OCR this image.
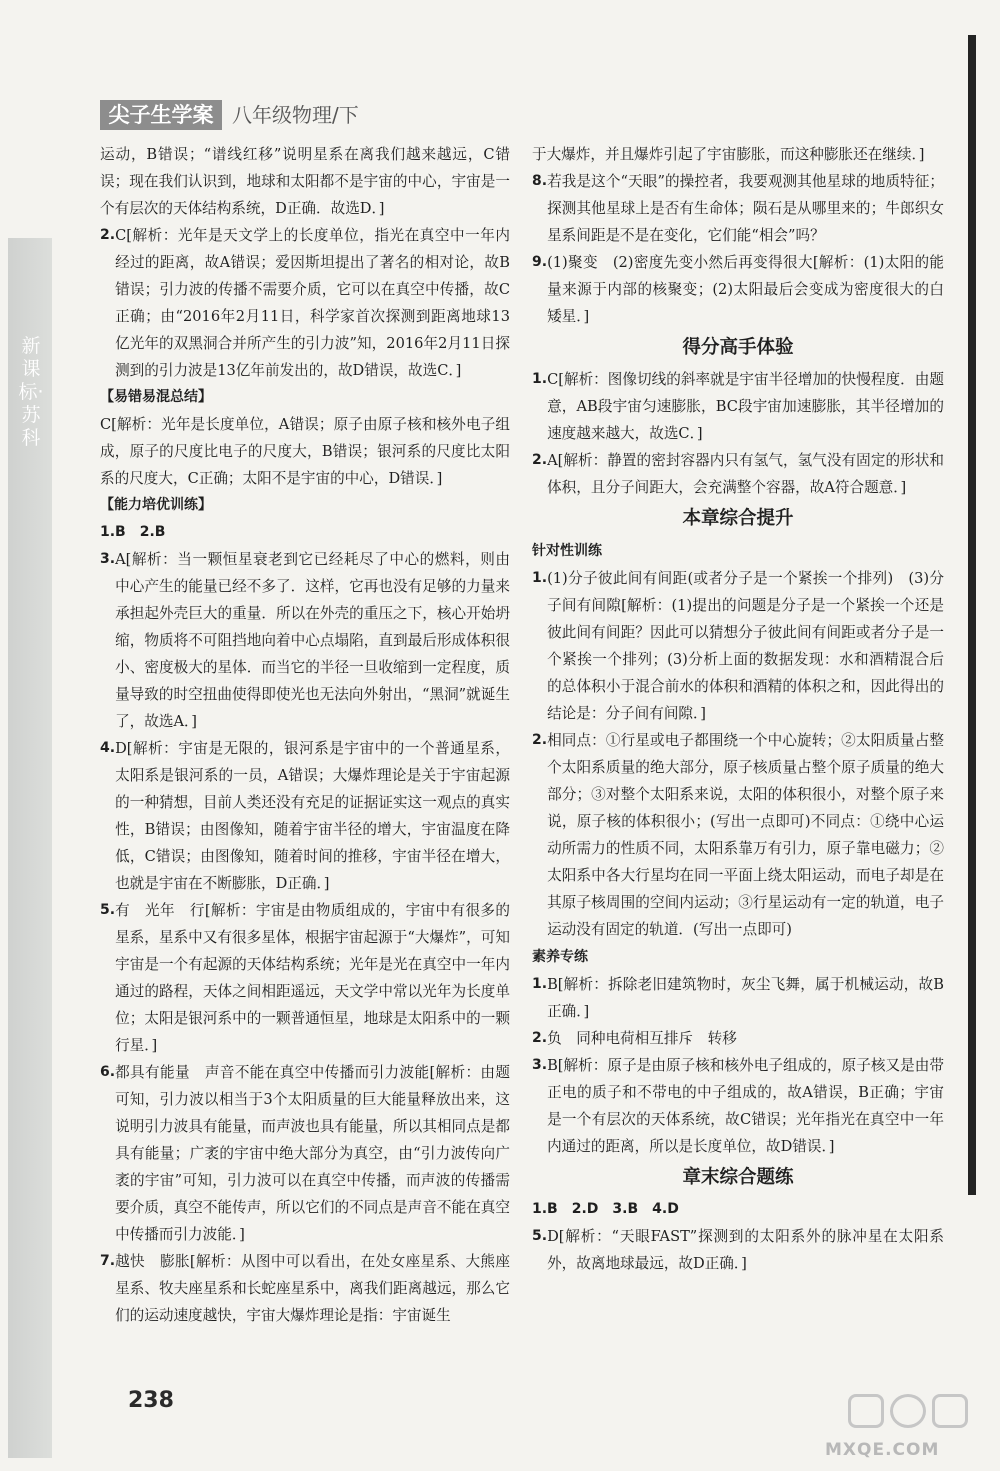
新课标·苏科
尖子生学案 八年级物理/下

运动，B错误；“谱线红移”说明星系在离我们越来越远，C错误；现在我们认识到，地球和太阳都不是宇宙的中心，宇宙是一个有层次的天体结构系统，D正确．故选D．]

2. C[解析：光年是天文学上的长度单位，指光在真空中一年内经过的距离，故A错误；爱因斯坦提出了著名的相对论，故B错误；引力波的传播不需要介质，它可以在真空中传播，故C正确；由“2016年2月11日，科学家首次探测到距离地球13亿光年的双黑洞合并所产生的引力波”知，2016年2月11日探测到的引力波是13亿年前发出的，故D错误，故选C．]

【易错易混总结】

C[解析：光年是长度单位，A错误；原子由原子核和核外电子组成，原子的尺度比电子的尺度大，B错误；银河系的尺度比太阳系的尺度大，C正确；太阳不是宇宙的中心，D错误．]

【能力培优训练】

1.B　2.B

3. A[解析：当一颗恒星衰老到它已经耗尽了中心的燃料，则由中心产生的能量已经不多了．这样，它再也没有足够的力量来承担起外壳巨大的重量．所以在外壳的重压之下，核心开始坍缩，物质将不可阻挡地向着中心点塌陷，直到最后形成体积很小、密度极大的星体．而当它的半径一旦收缩到一定程度，质量导致的时空扭曲使得即使光也无法向外射出，“黑洞”就诞生了，故选A．]
4. D[解析：宇宙是无限的，银河系是宇宙中的一个普通星系，太阳系是银河系的一员，A错误；大爆炸理论是关于宇宙起源的一种猜想，目前人类还没有充足的证据证实这一观点的真实性，B错误；由图像知，随着宇宙半径的增大，宇宙温度在降低，C错误；由图像知，随着时间的推移，宇宙半径在增大，也就是宇宙在不断膨胀，D正确．]
5. 有　光年　行[解析：宇宙是由物质组成的，宇宙中有很多的星系，星系中又有很多星体，根据宇宙起源于“大爆炸”，可知宇宙是一个有起源的天体结构系统；光年是光在真空中一年内通过的路程，天体之间相距遥远，天文学中常以光年为长度单位；太阳是银河系中的一颗普通恒星，地球是太阳系中的一颗行星．]
6. 都具有能量　声音不能在真空中传播而引力波能[解析：由题可知，引力波以相当于3个太阳质量的巨大能量释放出来，这说明引力波具有能量，而声波也具有能量，所以其相同点是都具有能量；广袤的宇宙中绝大部分为真空，由“引力波传向广袤的宇宙”可知，引力波可以在真空中传播，而声波的传播需要介质，真空不能传声，所以它们的不同点是声音不能在真空中传播而引力波能．]
7. 越快　膨胀[解析：从图中可以看出，在处女座星系、大熊座星系、牧夫座星系和长蛇座星系中，离我们距离越远，那么它们的运动速度越快，宇宙大爆炸理论是指：宇宙诞生

于大爆炸，并且爆炸引起了宇宙膨胀，而这种膨胀还在继续．]

8. 若我是这个“天眼”的操控者，我要观测其他星球的地质特征；探测其他星球上是否有生命体；陨石是从哪里来的；牛郎织女星系间距是不是在变化，它们能“相会”吗？
9. (1)聚变　(2)密度先变小然后再变得很大[解析：(1)太阳的能量来源于内部的核聚变；(2)太阳最后会变成为密度很大的白矮星．]

得分高手体验

1. C[解析：图像切线的斜率就是宇宙半径增加的快慢程度．由题意，AB段宇宙匀速膨胀，BC段宇宙加速膨胀，其半径增加的速度越来越大，故选C．]
2. A[解析：静置的密封容器内只有氢气，氢气没有固定的形状和体积，且分子间距大，会充满整个容器，故A符合题意．]

本章综合提升

针对性训练

1. (1)分子彼此间有间距(或者分子是一个紧挨一个排列)　(3)分子间有间隙[解析：(1)提出的问题是分子是一个紧挨一个还是彼此间有间距？因此可以猜想分子彼此间有间距或者分子是一个紧挨一个排列；(3)分析上面的数据发现：水和酒精混合后的总体积小于混合前水的体积和酒精的体积之和，因此得出的结论是：分子间有间隙．]
2. 相同点：①行星或电子都围绕一个中心旋转；②太阳质量占整个太阳系质量的绝大部分，原子核质量占整个原子质量的绝大部分；③对整个太阳系来说，太阳的体积很小，对整个原子来说，原子核的体积很小；(写出一点即可)不同点：①绕中心运动所需力的性质不同，太阳系靠万有引力，原子靠电磁力；②太阳系中各大行星均在同一平面上绕太阳运动，而电子却是在其原子核周围的空间内运动；③行星运动有一定的轨道，电子运动没有固定的轨道．(写出一点即可)

素养专练

1. B[解析：拆除老旧建筑物时，灰尘飞舞，属于机械运动，故B正确．]
2. 负　同种电荷相互排斥　转移
3. B[解析：原子是由原子核和核外电子组成的，原子核又是由带正电的质子和不带电的中子组成的，故A错误，B正确；宇宙是一个有层次的天体系统，故C错误；光年指光在真空中一年内通过的距离，所以是长度单位，故D错误．]

章末综合题练

1.B　2.D　3.B　4.D

5. D[解析：“天眼FAST”探测到的太阳系外的脉冲星在太阳系外，故离地球最远，故D正确．]
238
MXQE.COM
